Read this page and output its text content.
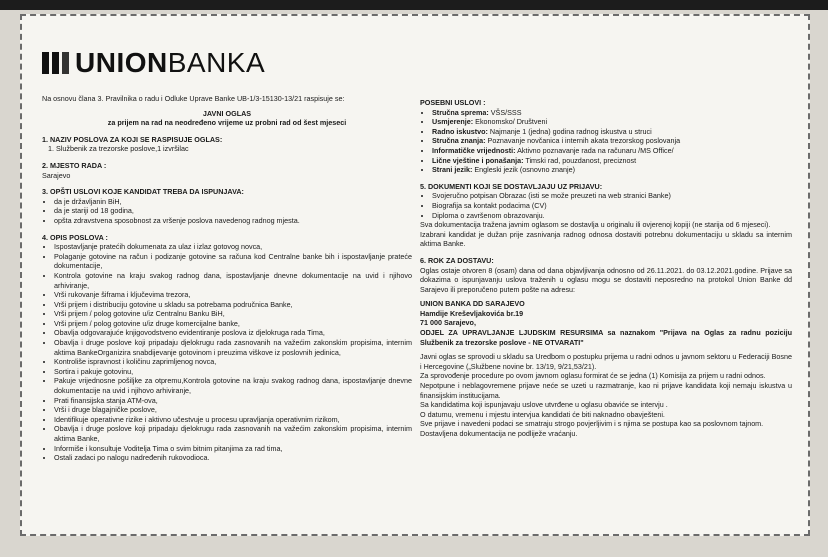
UNION BANKA

Na osnovu člana 3. Pravilnika o radu i Odluke Uprave Banke UB-1/3-15130-13/21 raspisuje se:

JAVNI OGLAS

za prijem na rad na neodređeno vrijeme uz probni rad od šest mjeseci

1. NAZIV POSLOVA ZA KOJI SE RASPISUJE OGLAS:

1. Službenik za trezorske poslove,1 izvršilac

2. MJESTO RADA :

Sarajevo

3. OPŠTI USLOVI KOJE KANDIDAT TREBA DA ISPUNJAVA:

• da je državljanin BiH,
• da je stariji od 18 godina,
• opšta zdravstvena sposobnost za vršenje poslova navedenog radnog mjesta.

4. OPIS POSLOVA :

• Ispostavljanje pratećih dokumenata za ulaz i izlaz gotovog novca,
• Polaganje gotovine na račun i podizanje gotovine sa računa kod Centralne banke bih i ispostavljanje prateće dokumentacije,
• Kontrola gotovine na kraju svakog radnog dana, ispostavljanje dnevne dokumentacije na uvid i njihovo arhiviranje,
• Vrši rukovanje šiframa i ključevima trezora,
• Vrši prijem i distribuciju gotovine u skladu sa potrebama područnica Banke,
• Vrši prijem / polog gotovine u/iz Centralnu Banku BiH,
• Vrši prijem / polog gotovine u/iz druge komercijalne banke,
• Obavlja odgovarajuće knjigovodstveno evidentiranje poslova iz djelokruga rada Tima,
• Obavlja i druge poslove koji pripadaju djelokrugu rada zasnovanih na važećim zakonskim propisima, internim aktima BankeOrganizira snabdijevanje gotovinom i preuzima viškove iz poslovnih jedinica,
• Kontroliše ispravnost i količinu zaprimljenog novca,
• Sortira i pakuje gotovinu,
• Pakuje vrijednosne pošiljke za otpremu,Kontrola gotovine na kraju svakog radnog dana, ispostavljanje dnevne dokumentacije na uvid i njihovo arhiviranje,
• Prati finansijska stanja ATM-ova,
• Vrši i druge blagajničke poslove,
• Identifikuje operativne rizike i aktivno učestvuje u procesu upravljanja operativnim rizikom,
• Obavlja i druge poslove koji pripadaju djelokrugu rada zasnovanih na važećim zakonskim propisima, internim aktima Banke,
• Informiše i konsultuje Voditelja Tima o svim bitnim pitanjima za rad tima,
• Ostali zadaci po nalogu nadređenih rukovodioca.

POSEBNI USLOVI :

• Stručna sprema: VŠS/SSS
• Usmjerenje: Ekonomsko/ Društveni
• Radno iskustvo: Najmanje 1 (jedna) godina radnog iskustva u struci
• Stručna znanja: Poznavanje novčanica i internih akata trezorskog poslovanja
• Informatičke vrijednosti: Aktivno poznavanje rada na računaru /MS Office/
• Lične vještine i ponašanja: Timski rad, pouzdanost, preciznost
• Strani jezik: Engleski jezik (osnovno znanje)

5. DOKUMENTI KOJI SE DOSTAVLJAJU UZ PRIJAVU:

• Svojeručno potpisan Obrazac (isti se može preuzeti na web stranici Banke)
• Biografija sa kontakt podacima (CV)
• Diploma o završenom obrazovanju.

Sva dokumentacija tražena javnim oglasom se dostavlja u originalu ili ovjerenoj kopiji (ne starija od 6 mjeseci).

Izabrani kandidat je dužan prije zasnivanja radnog odnosa dostaviti potrebnu dokumentaciju u skladu sa internim aktima Banke.

6. ROK ZA DOSTAVU:

Oglas ostaje otvoren 8 (osam) dana od dana objavljivanja odnosno od 26.11.2021. do 03.12.2021.godine. Prijave sa dokazima o ispunjavanju uslova traženih u oglasu mogu se dostaviti neposredno na protokol Union Banke dd Sarajevo ili preporučeno putem pošte na adresu:

UNION BANKA DD SARAJEVO

Hamdije Kreševljakovića br.19

71 000 Sarajevo,

ODJEL ZA UPRAVLJANJE LJUDSKIM RESURSIMA sa naznakom "Prijava na Oglas za radnu poziciju Službenik za trezorske poslove - NE OTVARATI"

Javni oglas se sprovodi u skladu sa Uredbom o postupku prijema u radni odnos u javnom sektoru u Federaciji Bosne i Hercegovine („Službene novine br. 13/19, 9/21,53/21).

Za sprovođenje procedure po ovom javnom oglasu formirat će se jedna (1) Komisija za prijem u radni odnos.

Nepotpune i neblagovremene prijave neće se uzeti u razmatranje, kao ni prijave kandidata koji nemaju iskustva u finansijskim institucijama.

Sa kandidatima koji ispunjavaju uslove utvrđene u oglasu obaviće se intervju .

O datumu, vremenu i mjestu intervjua kandidati će biti naknadno obavješteni.

Sve prijave i navedeni podaci se smatraju strogo povjerljivim i s njima se postupa kao sa poslovnom tajnom.

Dostavljena dokumentacija ne podliježe vraćanju.
